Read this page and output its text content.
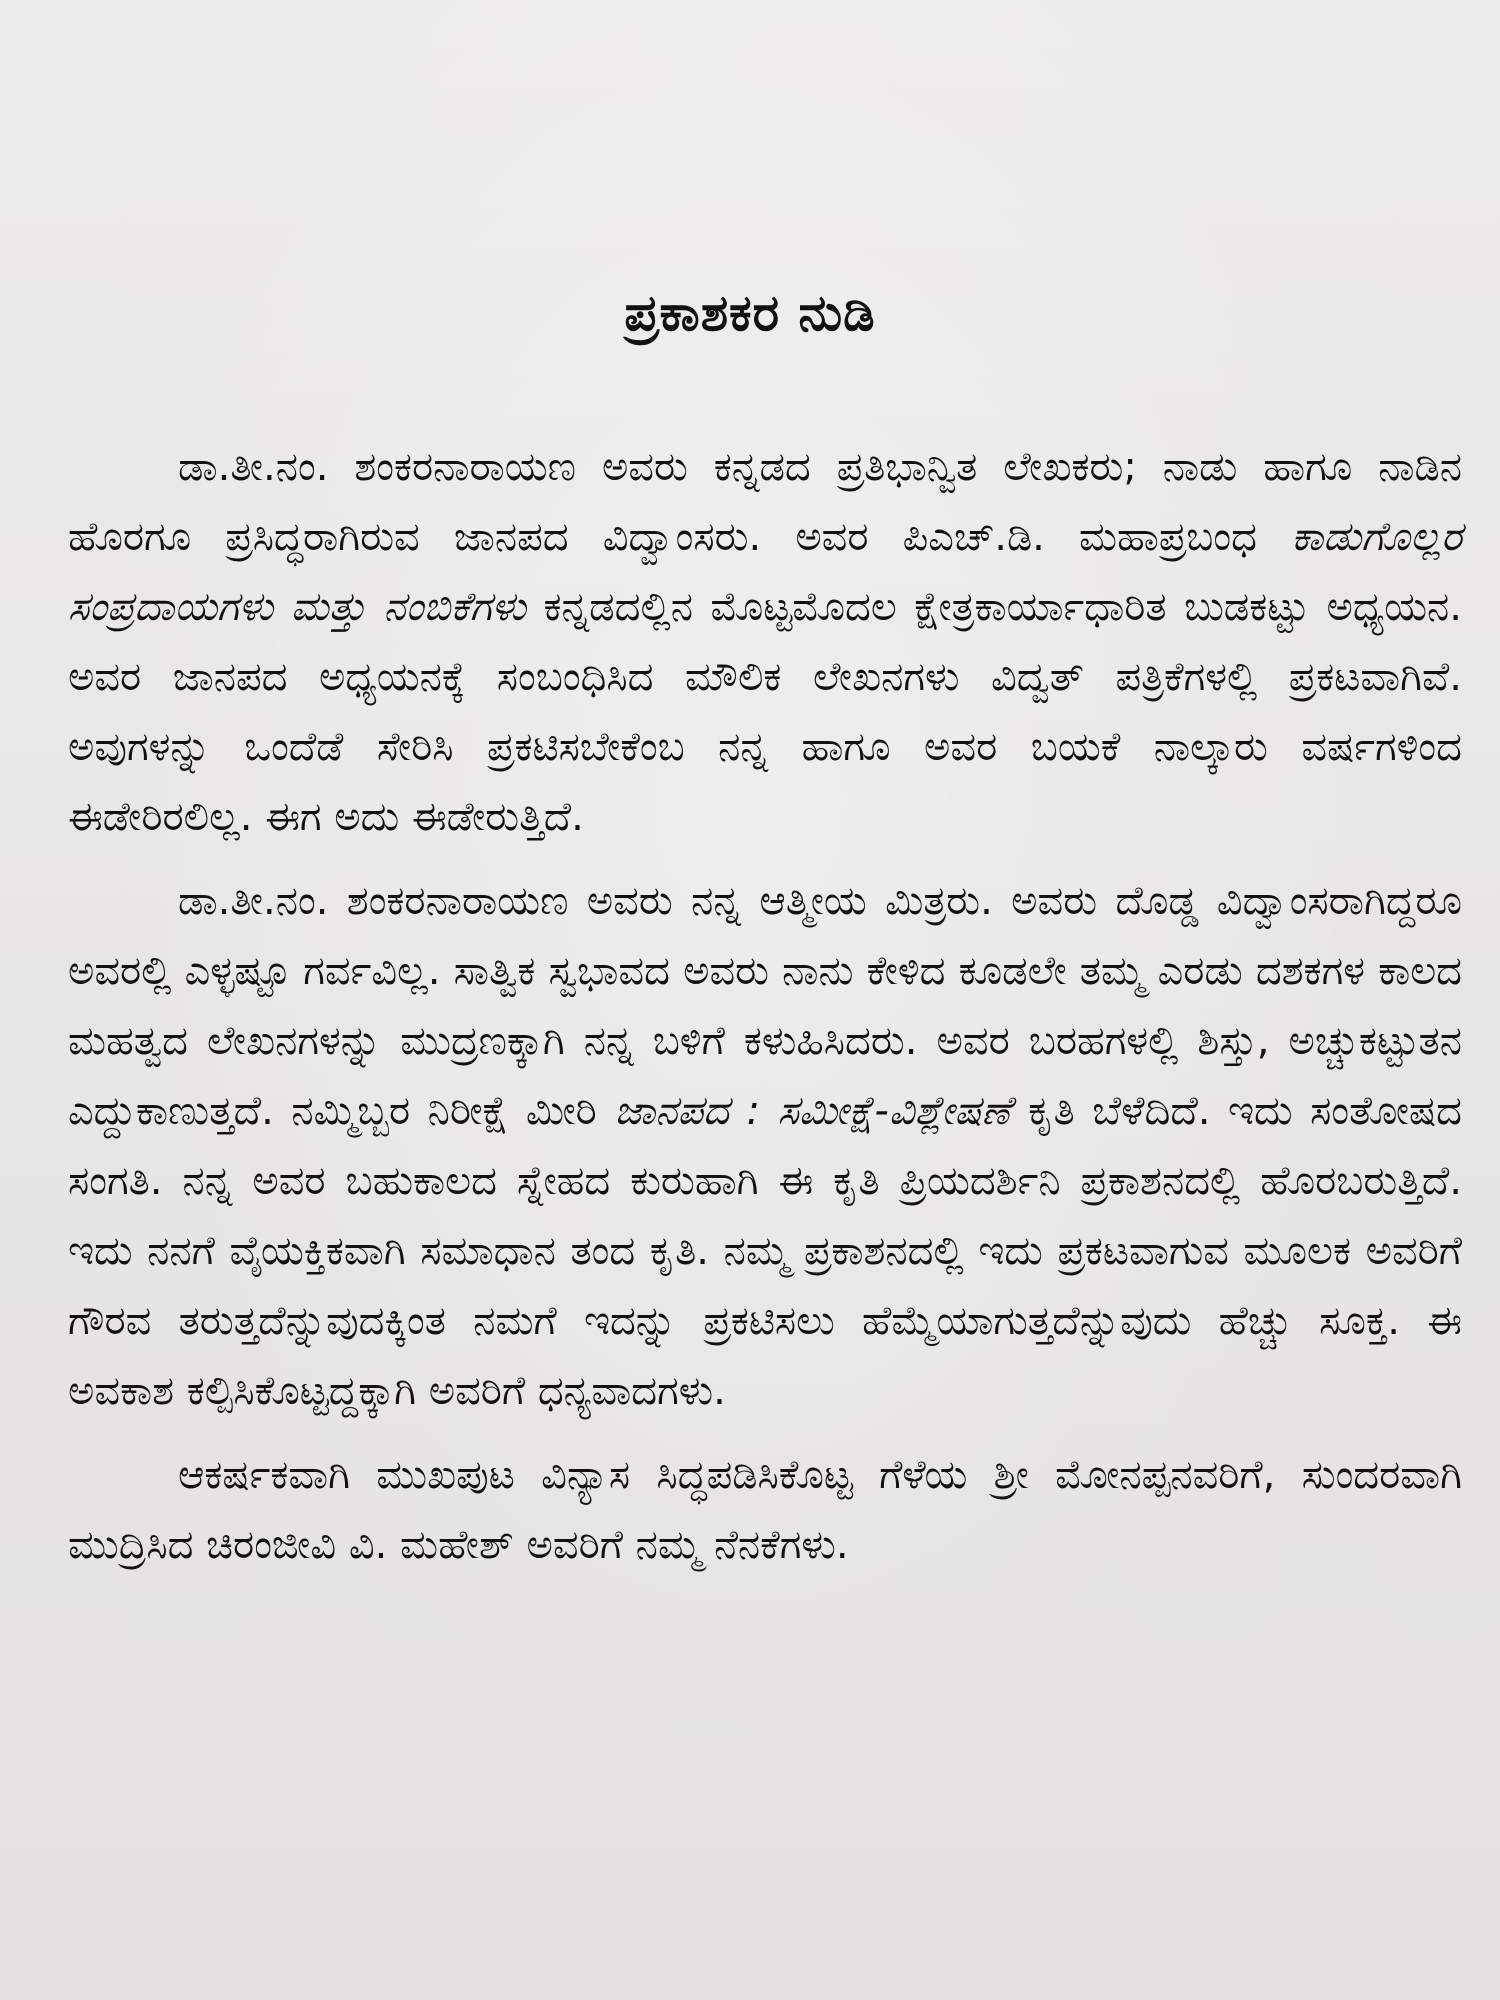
ಪ್ರಕಾಶಕರ ನುಡಿ

ಡಾ.ತೀ.ನಂ. ಶಂಕರನಾರಾಯಣ ಅವರು ಕನ್ನಡದ ಪ್ರತಿಭಾನ್ವಿತ ಲೇಖಕರು; ನಾಡು ಹಾಗೂ ನಾಡಿನ ಹೊರಗೂ ಪ್ರಸಿದ್ಧರಾಗಿರುವ ಜಾನಪದ ವಿದ್ವಾಂಸರು. ಅವರ ಪಿಎಚ್.ಡಿ. ಮಹಾಪ್ರಬಂಧ ಕಾಡುಗೊಲ್ಲರ ಸಂಪ್ರದಾಯಗಳು ಮತ್ತು ನಂಬಿಕೆಗಳು ಕನ್ನಡದಲ್ಲಿನ ಮೊಟ್ಟಮೊದಲ ಕ್ಷೇತ್ರಕಾರ್ಯಾಧಾರಿತ ಬುಡಕಟ್ಟು ಅಧ್ಯಯನ. ಅವರ ಜಾನಪದ ಅಧ್ಯಯನಕ್ಕೆ ಸಂಬಂಧಿಸಿದ ಮೌಲಿಕ ಲೇಖನಗಳು ವಿದ್ವತ್ ಪತ್ರಿಕೆಗಳಲ್ಲಿ ಪ್ರಕಟವಾಗಿವೆ. ಅವುಗಳನ್ನು ಒಂದೆಡೆ ಸೇರಿಸಿ ಪ್ರಕಟಿಸಬೇಕೆಂಬ ನನ್ನ ಹಾಗೂ ಅವರ ಬಯಕೆ ನಾಲ್ಕಾರು ವರ್ಷಗಳಿಂದ ಈಡೇರಿರಲಿಲ್ಲ. ಈಗ ಅದು ಈಡೇರುತ್ತಿದೆ.

ಡಾ.ತೀ.ನಂ. ಶಂಕರನಾರಾಯಣ ಅವರು ನನ್ನ ಆತ್ಮೀಯ ಮಿತ್ರರು. ಅವರು ದೊಡ್ಡ ವಿದ್ವಾಂಸರಾಗಿದ್ದರೂ ಅವರಲ್ಲಿ ಎಳ್ಳಷ್ಟೂ ಗರ್ವವಿಲ್ಲ. ಸಾತ್ವಿಕ ಸ್ವಭಾವದ ಅವರು ನಾನು ಕೇಳಿದ ಕೂಡಲೇ ತಮ್ಮ ಎರಡು ದಶಕಗಳ ಕಾಲದ ಮಹತ್ವದ ಲೇಖನಗಳನ್ನು ಮುದ್ರಣಕ್ಕಾಗಿ ನನ್ನ ಬಳಿಗೆ ಕಳುಹಿಸಿದರು. ಅವರ ಬರಹಗಳಲ್ಲಿ ಶಿಸ್ತು, ಅಚ್ಚುಕಟ್ಟುತನ ಎದ್ದುಕಾಣುತ್ತದೆ. ನಮ್ಮಿಬ್ಬರ ನಿರೀಕ್ಷೆ ಮೀರಿ ಜಾನಪದ : ಸಮೀಕ್ಷೆ-ವಿಶ್ಲೇಷಣೆ ಕೃತಿ ಬೆಳೆದಿದೆ. ಇದು ಸಂತೋಷದ ಸಂಗತಿ. ನನ್ನ ಅವರ ಬಹುಕಾಲದ ಸ್ನೇಹದ ಕುರುಹಾಗಿ ಈ ಕೃತಿ ಪ್ರಿಯದರ್ಶಿನಿ ಪ್ರಕಾಶನದಲ್ಲಿ ಹೊರಬರುತ್ತಿದೆ. ಇದು ನನಗೆ ವೈಯಕ್ತಿಕವಾಗಿ ಸಮಾಧಾನ ತಂದ ಕೃತಿ. ನಮ್ಮ ಪ್ರಕಾಶನದಲ್ಲಿ ಇದು ಪ್ರಕಟವಾಗುವ ಮೂಲಕ ಅವರಿಗೆ ಗೌರವ ತರುತ್ತದೆನ್ನುವುದಕ್ಕಿಂತ ನಮಗೆ ಇದನ್ನು ಪ್ರಕಟಿಸಲು ಹೆಮ್ಮೆಯಾಗುತ್ತದೆನ್ನುವುದು ಹೆಚ್ಚು ಸೂಕ್ತ. ಈ ಅವಕಾಶ ಕಲ್ಪಿಸಿಕೊಟ್ಟದ್ದಕ್ಕಾಗಿ ಅವರಿಗೆ ಧನ್ಯವಾದಗಳು.

ಆಕರ್ಷಕವಾಗಿ ಮುಖಪುಟ ವಿನ್ಯಾಸ ಸಿದ್ಧಪಡಿಸಿಕೊಟ್ಟ ಗೆಳೆಯ ಶ್ರೀ ಮೋನಪ್ಪನವರಿಗೆ, ಸುಂದರವಾಗಿ ಮುದ್ರಿಸಿದ ಚಿರಂಜೀವಿ ವಿ. ಮಹೇಶ್ ಅವರಿಗೆ ನಮ್ಮ ನೆನಕೆಗಳು.
